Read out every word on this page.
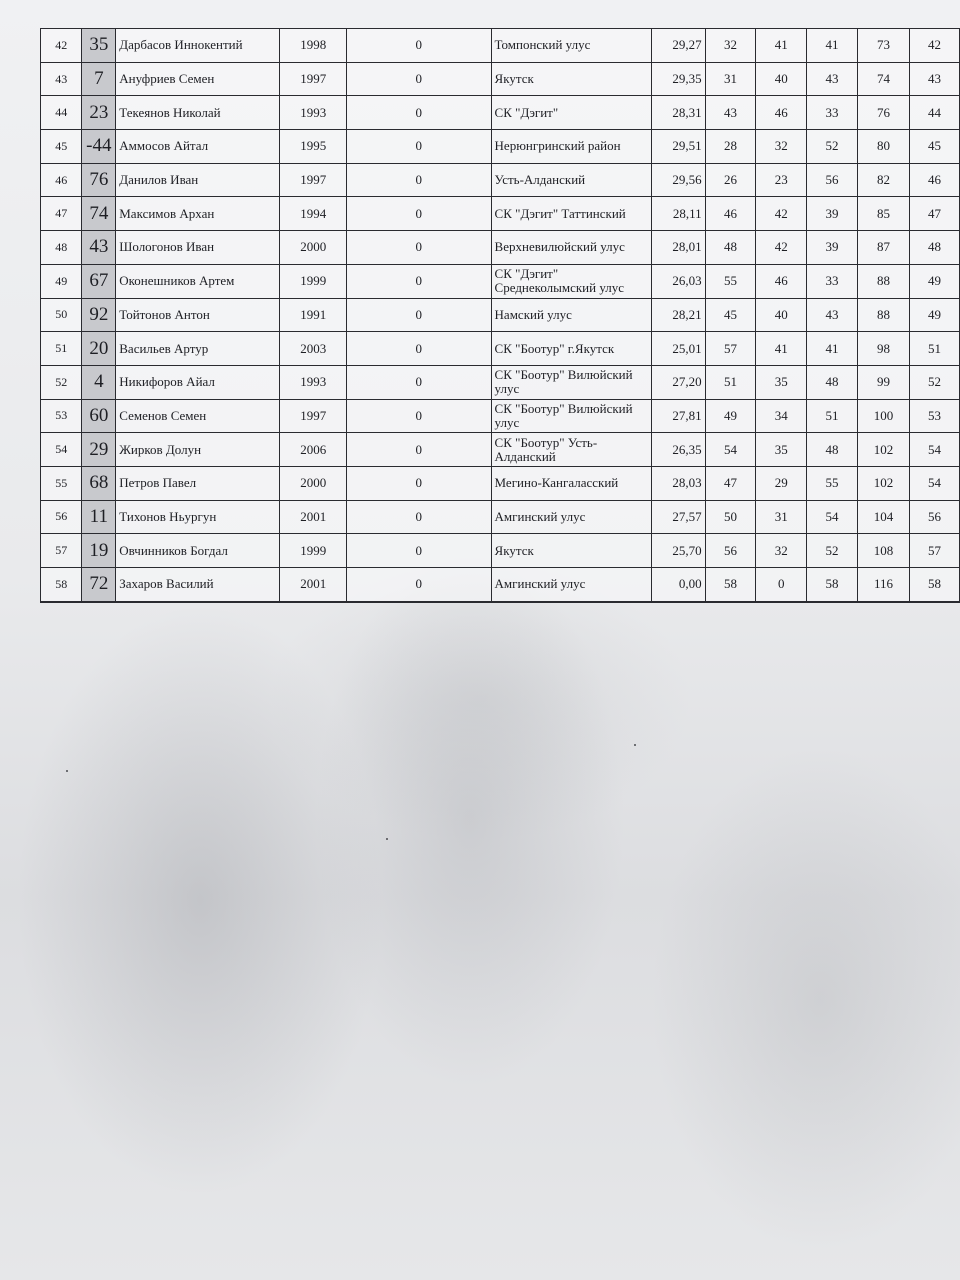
42	35	Дарбасов Иннокентий	1998	0	Томпонский улус	29,27	32	41	41	73	42
43	7	Ануфриев Семен	1997	0	Якутск	29,35	31	40	43	74	43
44	23	Текеянов Николай	1993	0	СК "Дэгит"	28,31	43	46	33	76	44
45	-44	Аммосов Айтал	1995	0	Нерюнгринский район	29,51	28	32	52	80	45
46	76	Данилов Иван	1997	0	Усть-Алданский	29,56	26	23	56	82	46
47	74	Максимов Архан	1994	0	СК "Дэгит" Таттинский	28,11	46	42	39	85	47
48	43	Шологонов Иван	2000	0	Верхневилюйский улус	28,01	48	42	39	87	48
49	67	Оконешников Артем	1999	0	СК "Дэгит" Среднеколымский улус	26,03	55	46	33	88	49
50	92	Тойтонов Антон	1991	0	Намский улус	28,21	45	40	43	88	49
51	20	Васильев Артур	2003	0	СК "Боотур" г.Якутск	25,01	57	41	41	98	51
52	4	Никифоров Айал	1993	0	СК "Боотур" Вилюйский улус	27,20	51	35	48	99	52
53	60	Семенов Семен	1997	0	СК "Боотур" Вилюйский улус	27,81	49	34	51	100	53
54	29	Жирков Долун	2006	0	СК "Боотур" Усть-Алданский	26,35	54	35	48	102	54
55	68	Петров Павел	2000	0	Мегино-Кангаласский	28,03	47	29	55	102	54
56	11	Тихонов Ньургун	2001	0	Амгинский улус	27,57	50	31	54	104	56
57	19	Овчинников Богдал	1999	0	Якутск	25,70	56	32	52	108	57
58	72	Захаров Василий	2001	0	Амгинский улус	0,00	58	0	58	116	58
